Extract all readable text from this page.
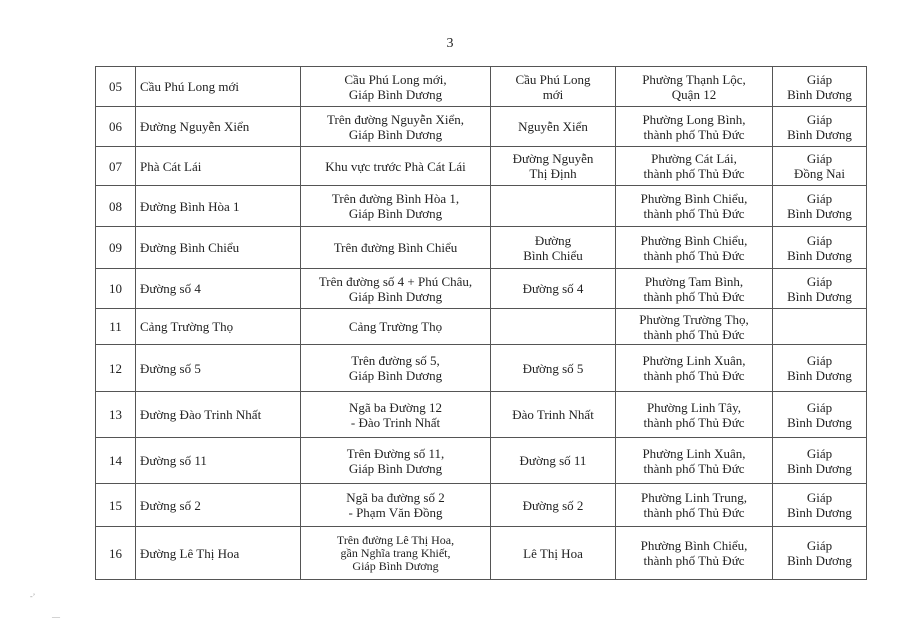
3
05	Cầu Phú Long mới	Cầu Phú Long mới,
Giáp Bình Dương	Cầu Phú Long
mới	Phường Thạnh Lộc,
Quận 12	Giáp
Bình Dương
06	Đường Nguyễn Xiển	Trên đường Nguyễn Xiển,
Giáp Bình Dương	Nguyễn Xiển	Phường Long Bình,
thành phố Thủ Đức	Giáp
Bình Dương
07	Phà Cát Lái	Khu vực trước Phà Cát Lái	Đường Nguyễn
Thị Định	Phường Cát Lái,
thành phố Thủ Đức	Giáp
Đồng Nai
08	Đường Bình Hòa 1	Trên đường Bình Hòa 1,
Giáp Bình Dương		Phường Bình Chiểu,
thành phố Thủ Đức	Giáp
Bình Dương
09	Đường Bình Chiểu	Trên đường Bình Chiểu	Đường
Bình Chiểu	Phường Bình Chiểu,
thành phố Thủ Đức	Giáp
Bình Dương
10	Đường số 4	Trên đường số 4 + Phú Châu,
Giáp Bình Dương	Đường số 4	Phường Tam Bình,
thành phố Thủ Đức	Giáp
Bình Dương
11	Cảng Trường Thọ	Cảng Trường Thọ		Phường Trường Thọ,
thành phố Thủ Đức	
12	Đường số 5	Trên đường số 5,
Giáp Bình Dương	Đường số 5	Phường Linh Xuân,
thành phố Thủ Đức	Giáp
Bình Dương
13	Đường Đào Trinh Nhất	Ngã ba Đường 12
- Đào Trinh Nhất	Đào Trinh Nhất	Phường Linh Tây,
thành phố Thủ Đức	Giáp
Bình Dương
14	Đường số 11	Trên Đường số 11,
Giáp Bình Dương	Đường số 11	Phường Linh Xuân,
thành phố Thủ Đức	Giáp
Bình Dương
15	Đường số 2	Ngã ba đường số 2
- Phạm Văn Đồng	Đường số 2	Phường Linh Trung,
thành phố Thủ Đức	Giáp
Bình Dương
16	Đường Lê Thị Hoa	Trên đường Lê Thị Hoa,
gần Nghĩa trang Khiết,
Giáp Bình Dương	Lê Thị Hoa	Phường Bình Chiểu,
thành phố Thủ Đức	Giáp
Bình Dương
-’
—
